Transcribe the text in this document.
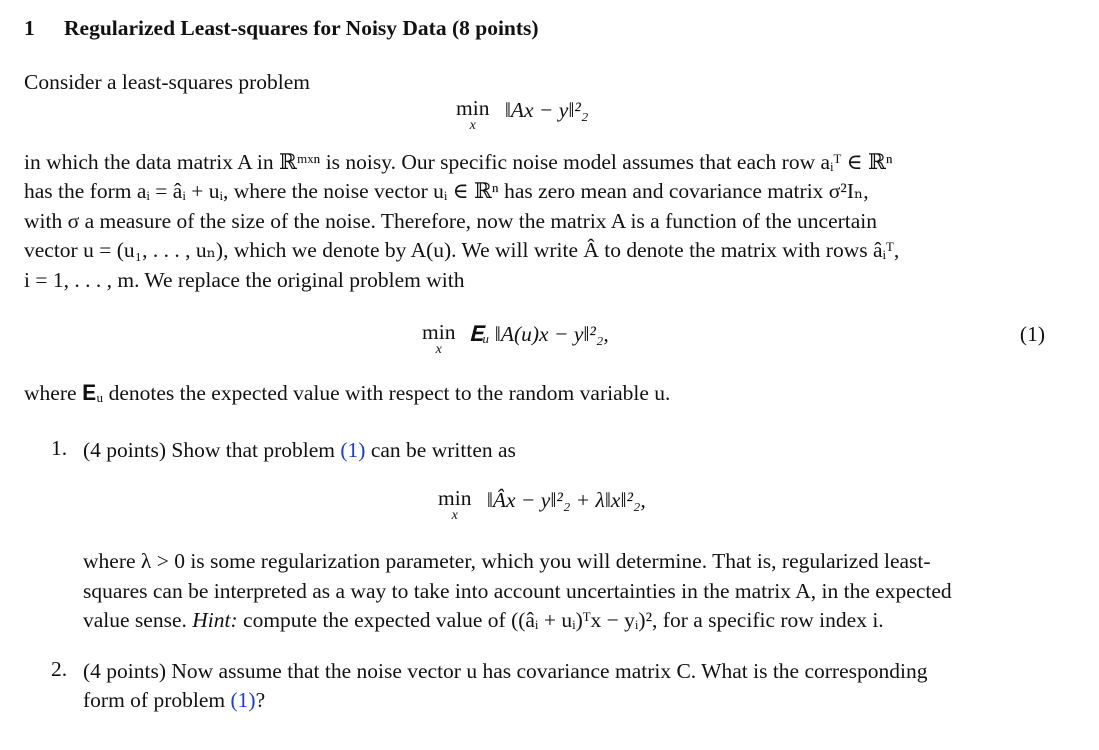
1 Regularized Least-squares for Noisy Data (8 points)
Consider a least-squares problem
min
x
‖Ax − y‖²₂
in which the data matrix A in ℝᵐˣⁿ is noisy. Our specific noise model assumes that each row aᵢᵀ ∈ ℝⁿ
has the form aᵢ = âᵢ + uᵢ, where the noise vector uᵢ ∈ ℝⁿ has zero mean and covariance matrix σ²Iₙ,
with σ a measure of the size of the noise. Therefore, now the matrix A is a function of the uncertain
vector u = (u₁, . . . , uₙ), which we denote by A(u). We will write Â to denote the matrix with rows âᵢᵀ,
i = 1, . . . , m. We replace the original problem with
min
x
𝐄ᵤ ‖A(u)x − y‖²₂,	(1)
where 𝐄ᵤ denotes the expected value with respect to the random variable u.
1. (4 points) Show that problem (1) can be written as
min
x
‖Âx − y‖²₂ + λ‖x‖²₂,
where λ > 0 is some regularization parameter, which you will determine. That is, regularized least-
squares can be interpreted as a way to take into account uncertainties in the matrix A, in the expected
value sense. Hint: compute the expected value of ((âᵢ + uᵢ)ᵀx − yᵢ)², for a specific row index i.
2. (4 points) Now assume that the noise vector u has covariance matrix C. What is the corresponding
form of problem (1)?
